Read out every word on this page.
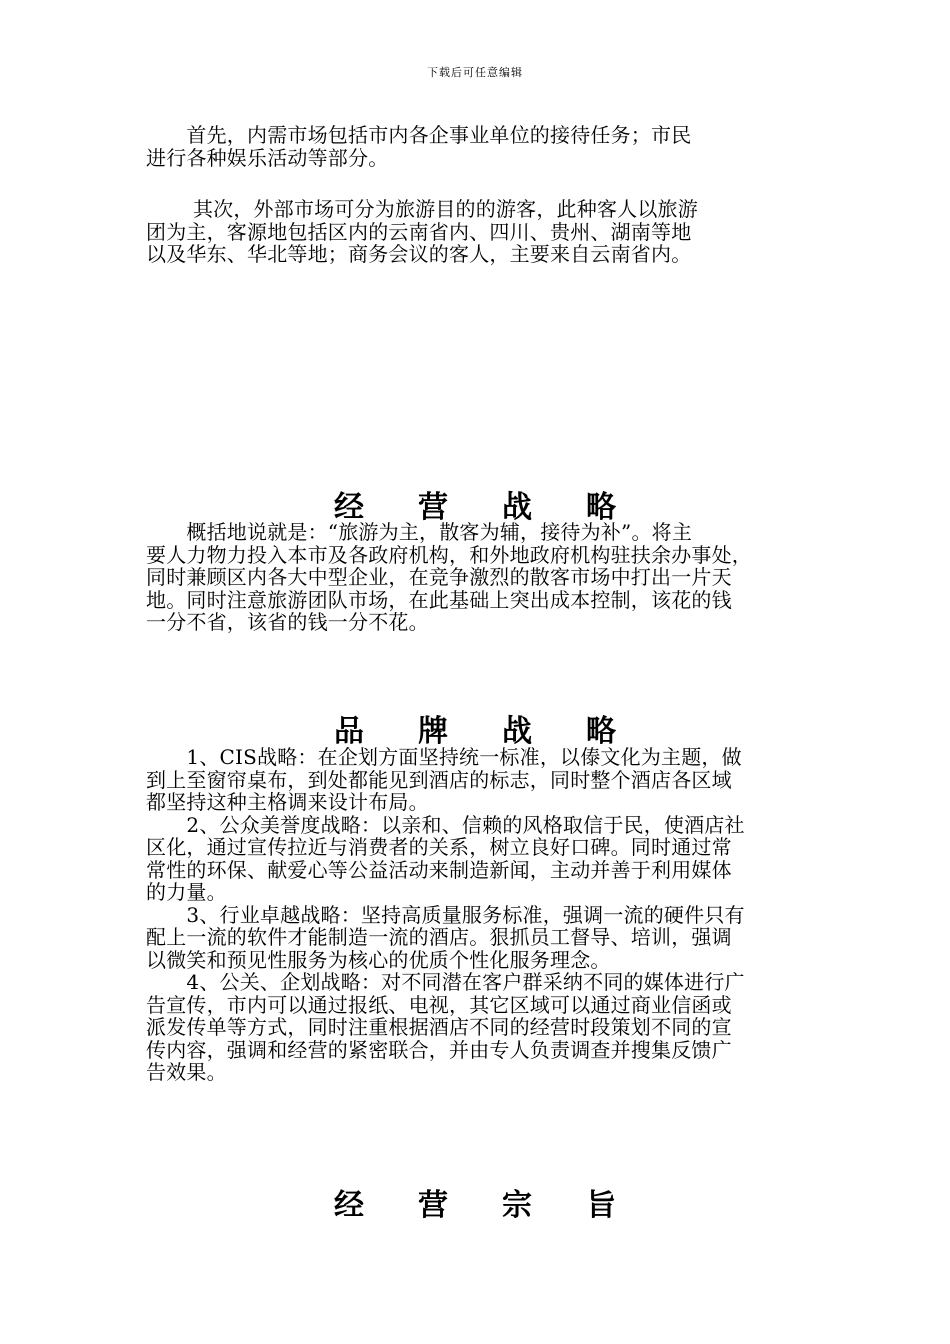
下载后可任意编辑
　　首先，内需市场包括市内各企事业单位的接待任务；市民
进行各种娱乐活动等部分。
　　 其次，外部市场可分为旅游目的的游客，此种客人以旅游
团为主，客源地包括区内的云南省内、四川、贵州、湖南等地
以及华东、华北等地；商务会议的客人，主要来自云南省内。
经营战略
　　概括地说就是：“旅游为主，散客为辅，接待为补”。将主
要人力物力投入本市及各政府机构，和外地政府机构驻扶余办事处，
同时兼顾区内各大中型企业，在竞争激烈的散客市场中打出一片天
地。同时注意旅游团队市场，在此基础上突出成本控制，该花的钱
一分不省，该省的钱一分不花。
品牌战略
　　1、CIS战略：在企划方面坚持统一标准，以傣文化为主题，做
到上至窗帘桌布，到处都能见到酒店的标志，同时整个酒店各区域
都坚持这种主格调来设计布局。
　　2、公众美誉度战略：以亲和、信赖的风格取信于民，使酒店社
区化，通过宣传拉近与消费者的关系，树立良好口碑。同时通过常
常性的环保、献爱心等公益活动来制造新闻，主动并善于利用媒体
的力量。
　　3、行业卓越战略：坚持高质量服务标准，强调一流的硬件只有
配上一流的软件才能制造一流的酒店。狠抓员工督导、培训，强调
以微笑和预见性服务为核心的优质个性化服务理念。
　　4、公关、企划战略：对不同潜在客户群采纳不同的媒体进行广
告宣传，市内可以通过报纸、电视，其它区域可以通过商业信函或
派发传单等方式，同时注重根据酒店不同的经营时段策划不同的宣
传内容，强调和经营的紧密联合，并由专人负责调查并搜集反馈广
告效果。
经营宗旨
